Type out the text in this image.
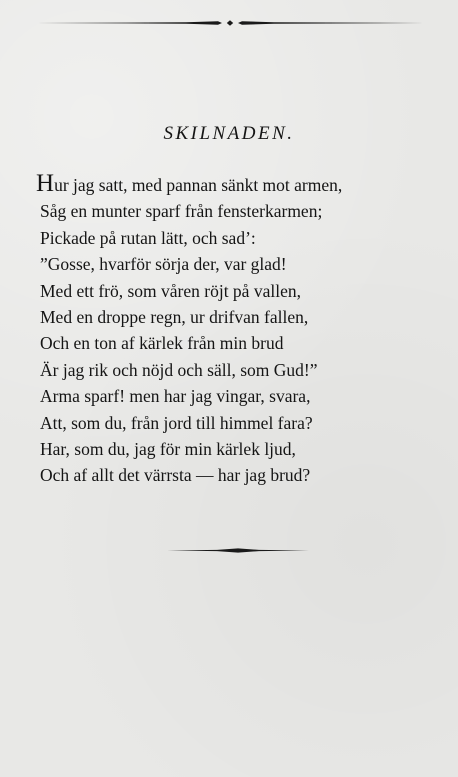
SKILNADEN.
Hur jag satt, med pannan sänkt mot armen,
Såg en munter sparf från fensterkarmen;
Pickade på rutan lätt, och sad’:
”Gosse, hvarför sörja der, var glad!
Med ett frö, som våren röjt på vallen,
Med en droppe regn, ur drifvan fallen,
Och en ton af kärlek från min brud
Är jag rik och nöjd och säll, som Gud!”
Arma sparf! men har jag vingar, svara,
Att, som du, från jord till himmel fara?
Har, som du, jag för min kärlek ljud,
Och af allt det värrsta — har jag brud?
